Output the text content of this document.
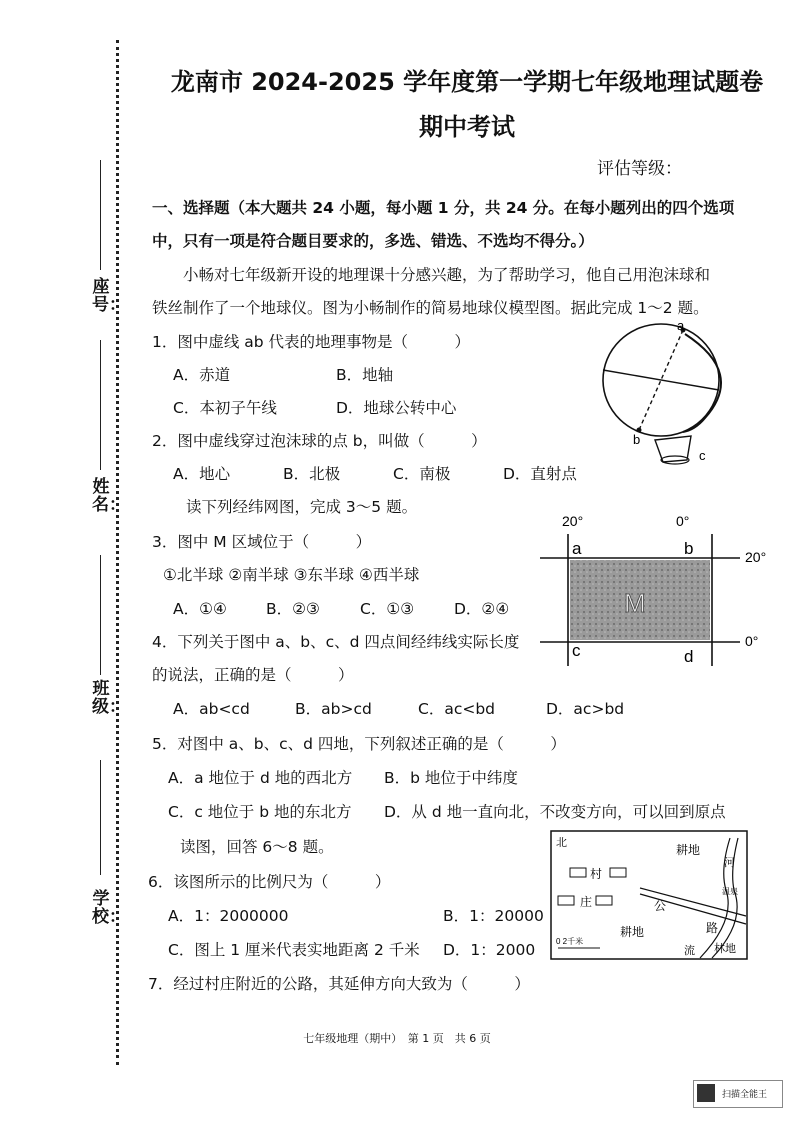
座号：
姓名：
班级：
学校：
龙南市 2024-2025 学年度第一学期七年级地理试题卷
期中考试
评估等级：
一、选择题（本大题共 24 小题，每小题 1 分，共 24 分。在每小题列出的四个选项
中，只有一项是符合题目要求的，多选、错选、不选均不得分。）
小畅对七年级新开设的地理课十分感兴趣，为了帮助学习，他自己用泡沫球和
铁丝制作了一个地球仪。图为小畅制作的简易地球仪模型图。据此完成 1～2 题。
1．图中虚线 ab 代表的地理事物是（　　　）
A．赤道	B．地轴
C．本初子午线	D．地球公转中心
2．图中虚线穿过泡沫球的点 b，叫做（　　　）
A．地心	B．北极	C．南极	D．直射点
读下列经纬网图，完成 3～5 题。
3．图中 M 区域位于（　　　）
①北半球 ②南半球 ③东半球 ④西半球
A．①④	B．②③	C．①③	D．②④
4．下列关于图中 a、b、c、d 四点间经纬线实际长度
的说法，正确的是（　　　）
A．ab<cd	B．ab>cd	C．ac<bd	D．ac>bd
5．对图中 a、b、c、d 四地，下列叙述正确的是（　　　）
A．a 地位于 d 地的西北方 B．b 地位于中纬度
C．c 地位于 b 地的东北方 D．从 d 地一直向北，不改变方向，可以回到原点
读图，回答 6～8 题。
6．该图所示的比例尺为（　　　）
A．1：2000000	B．1：20000
C．图上 1 厘米代表实地距离 2 千米 D．1：2000
7．经过村庄附近的公路，其延伸方向大致为（　　　）
a
b
c
20°	0°
20°
0°
a	b
c	d
M
北	耕地
村
庄	公
路
河
流
温泉
耕地
林地
0 2千米
七年级地理（期中）　第 1 页　共 6 页
扫描全能王
